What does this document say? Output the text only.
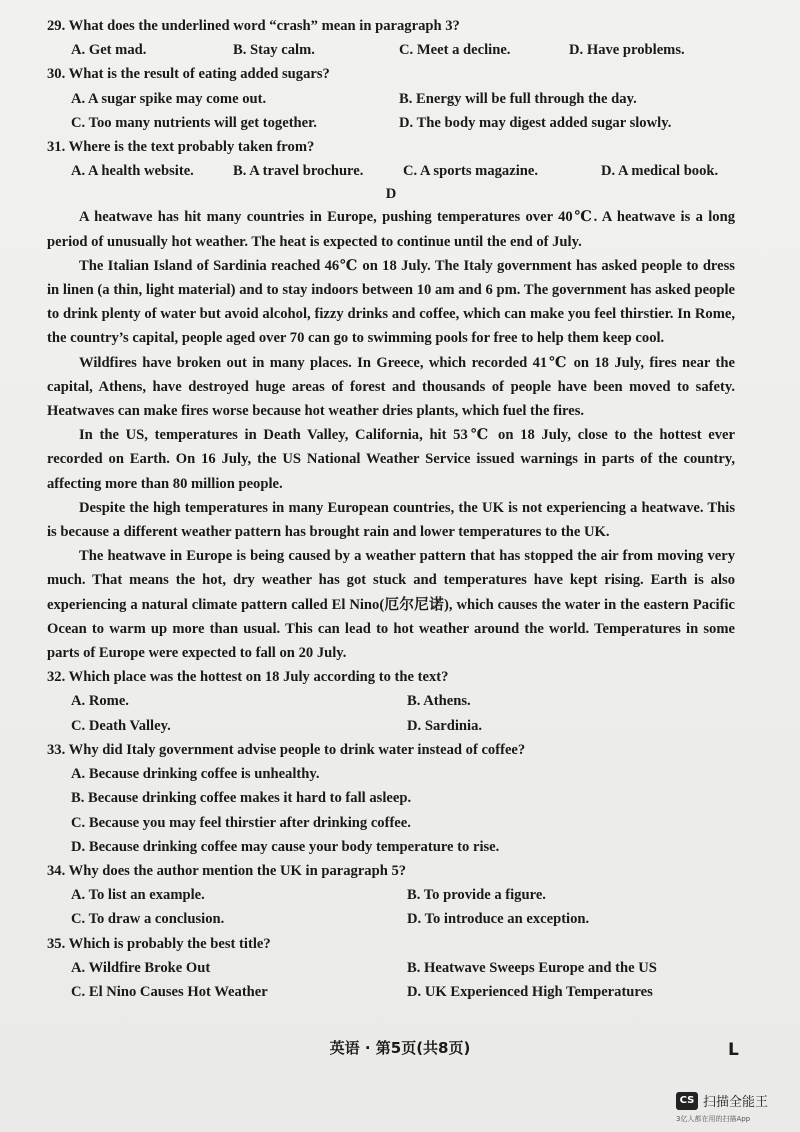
29. What does the underlined word “crash” mean in paragraph 3?
A. Get mad.	B. Stay calm.	C. Meet a decline.	D. Have problems.
30. What is the result of eating added sugars?
A. A sugar spike may come out.	B. Energy will be full through the day.
C. Too many nutrients will get together.	D. The body may digest added sugar slowly.
31. Where is the text probably taken from?
A. A health website.	B. A travel brochure.	C. A sports magazine.	D. A medical book.
D

A heatwave has hit many countries in Europe, pushing temperatures over 40℃. A heatwave is a long period of unusually hot weather. The heat is expected to continue until the end of July.

The Italian Island of Sardinia reached 46℃ on 18 July. The Italy government has asked people to dress in linen (a thin, light material) and to stay indoors between 10 am and 6 pm. The government has asked people to drink plenty of water but avoid alcohol, fizzy drinks and coffee, which can make you feel thirstier. In Rome, the country’s capital, people aged over 70 can go to swimming pools for free to help them keep cool.

Wildfires have broken out in many places. In Greece, which recorded 41℃ on 18 July, fires near the capital, Athens, have destroyed huge areas of forest and thousands of people have been moved to safety. Heatwaves can make fires worse because hot weather dries plants, which fuel the fires.

In the US, temperatures in Death Valley, California, hit 53℃ on 18 July, close to the hottest ever recorded on Earth. On 16 July, the US National Weather Service issued warnings in parts of the country, affecting more than 80 million people.

Despite the high temperatures in many European countries, the UK is not experiencing a heatwave. This is because a different weather pattern has brought rain and lower temperatures to the UK.

The heatwave in Europe is being caused by a weather pattern that has stopped the air from moving very much. That means the hot, dry weather has got stuck and temperatures have kept rising. Earth is also experiencing a natural climate pattern called El Nino(厄尔尼诺), which causes the water in the eastern Pacific Ocean to warm up more than usual. This can lead to hot weather around the world. Temperatures in some parts of Europe were expected to fall on 20 July.

32. Which place was the hottest on 18 July according to the text?
A. Rome.	B. Athens.
C. Death Valley.	D. Sardinia.
33. Why did Italy government advise people to drink water instead of coffee?
A. Because drinking coffee is unhealthy.
B. Because drinking coffee makes it hard to fall asleep.
C. Because you may feel thirstier after drinking coffee.
D. Because drinking coffee may cause your body temperature to rise.
34. Why does the author mention the UK in paragraph 5?
A. To list an example.	B. To provide a figure.
C. To draw a conclusion.	D. To introduce an exception.
35. Which is probably the best title?
A. Wildfire Broke Out	B. Heatwave Sweeps Europe and the US
C. El Nino Causes Hot Weather	D. UK Experienced High Temperatures
英语 · 第5页(共8页)	L
CS 扫描全能王
3亿人都在用的扫描App
